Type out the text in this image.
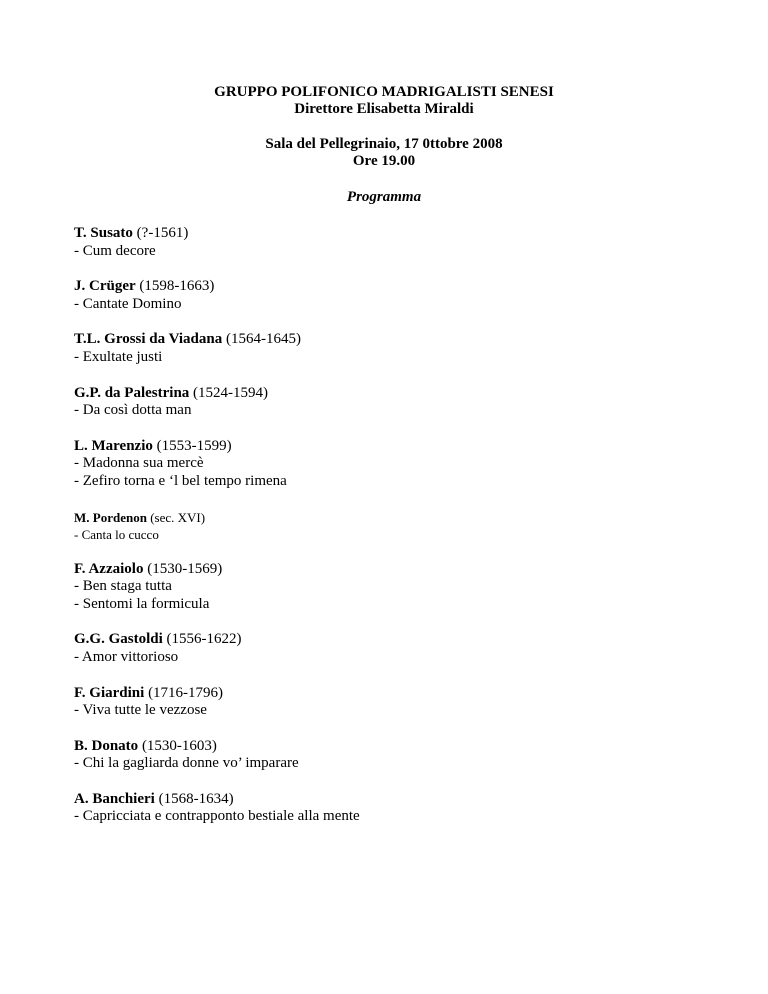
GRUPPO POLIFONICO MADRIGALISTI SENESI
Direttore Elisabetta Miraldi
Sala del Pellegrinaio, 17 0ttobre 2008
Ore 19.00
Programma
T. Susato (?-1561)
- Cum decore
J. Crüger (1598-1663)
- Cantate Domino
T.L. Grossi da Viadana (1564-1645)
- Exultate justi
G.P. da Palestrina (1524-1594)
- Da così dotta man
L. Marenzio (1553-1599)
- Madonna sua mercè
- Zefiro torna e ‘l bel tempo rimena
M. Pordenon (sec. XVI)
- Canta lo cucco
F. Azzaiolo (1530-1569)
- Ben staga tutta
- Sentomi la formicula
G.G. Gastoldi (1556-1622)
- Amor vittorioso
F. Giardini (1716-1796)
- Viva tutte le vezzose
B. Donato (1530-1603)
- Chi la gagliarda donne vo’ imparare
A. Banchieri (1568-1634)
- Capricciata e contrapponto bestiale alla mente
